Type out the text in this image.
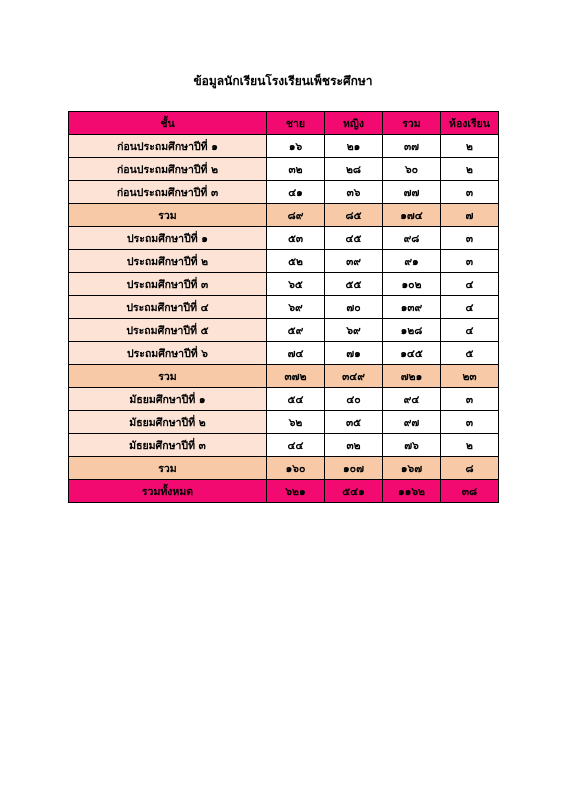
ข้อมูลนักเรียนโรงเรียนเพ็ชระศึกษา
ชั้น	ชาย	หญิง	รวม	ห้องเรียน
ก่อนประถมศึกษาปีที่ ๑	๑๖	๒๑	๓๗	๒
ก่อนประถมศึกษาปีที่ ๒	๓๒	๒๘	๖๐	๒
ก่อนประถมศึกษาปีที่ ๓	๔๑	๓๖	๗๗	๓
รวม	๘๙	๘๕	๑๗๔	๗
ประถมศึกษาปีที่ ๑	๕๓	๔๕	๙๘	๓
ประถมศึกษาปีที่ ๒	๕๒	๓๙	๙๑	๓
ประถมศึกษาปีที่ ๓	๖๕	๕๕	๑๐๒	๔
ประถมศึกษาปีที่ ๔	๖๙	๗๐	๑๓๙	๔
ประถมศึกษาปีที่ ๕	๕๙	๖๙	๑๒๘	๔
ประถมศึกษาปีที่ ๖	๗๔	๗๑	๑๔๕	๕
รวม	๓๗๒	๓๔๙	๗๒๑	๒๓
มัธยมศึกษาปีที่ ๑	๕๔	๔๐	๙๔	๓
มัธยมศึกษาปีที่ ๒	๖๒	๓๕	๙๗	๓
มัธยมศึกษาปีที่ ๓	๔๔	๓๒	๗๖	๒
รวม	๑๖๐	๑๐๗	๑๖๗	๘
รวมทั้งหมด	๖๒๑	๕๔๑	๑๑๖๒	๓๘
